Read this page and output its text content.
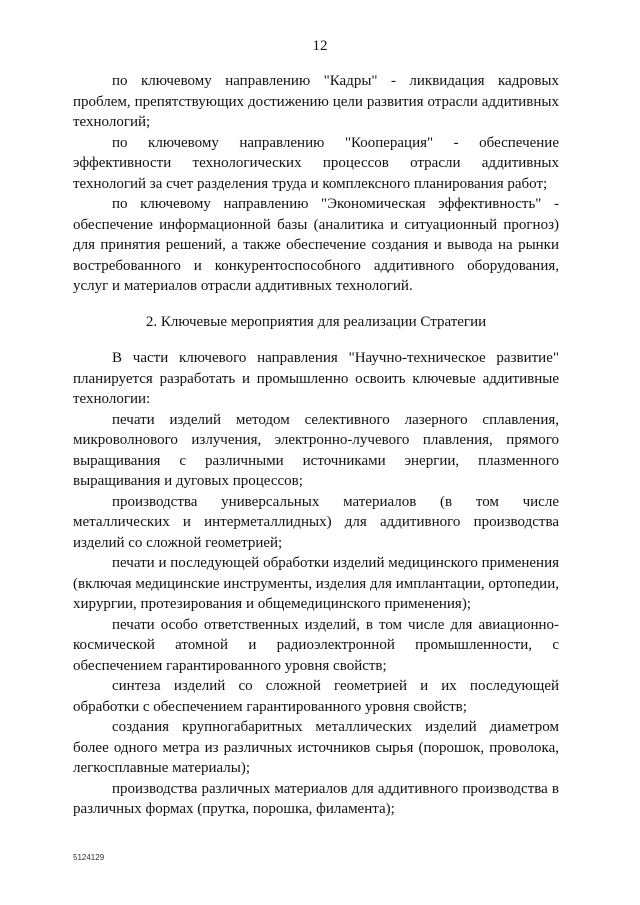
12

по ключевому направлению "Кадры" - ликвидация кадровых проблем, препятствующих достижению цели развития отрасли аддитивных технологий;

по ключевому направлению "Кооперация" - обеспечение эффективности технологических процессов отрасли аддитивных технологий за счет разделения труда и комплексного планирования работ;

по ключевому направлению "Экономическая эффективность" - обеспечение информационной базы (аналитика и ситуационный прогноз) для принятия решений, а также обеспечение создания и вывода на рынки востребованного и конкурентоспособного аддитивного оборудования, услуг и материалов отрасли аддитивных технологий.

2. Ключевые мероприятия для реализации Стратегии

В части ключевого направления "Научно-техническое развитие" планируется разработать и промышленно освоить ключевые аддитивные технологии:

печати изделий методом селективного лазерного сплавления, микроволнового излучения, электронно-лучевого плавления, прямого выращивания с различными источниками энергии, плазменного выращивания и дуговых процессов;

производства универсальных материалов (в том числе металлических и интерметаллидных) для аддитивного производства изделий со сложной геометрией;

печати и последующей обработки изделий медицинского применения (включая медицинские инструменты, изделия для имплантации, ортопедии, хирургии, протезирования и общемедицинского применения);

печати особо ответственных изделий, в том числе для авиационно-космической атомной и радиоэлектронной промышленности, с обеспечением гарантированного уровня свойств;

синтеза изделий со сложной геометрией и их последующей обработки с обеспечением гарантированного уровня свойств;

создания крупногабаритных металлических изделий диаметром более одного метра из различных источников сырья (порошок, проволока, легкосплавные материалы);

производства различных материалов для аддитивного производства в различных формах (прутка, порошка, филамента);

5124129
